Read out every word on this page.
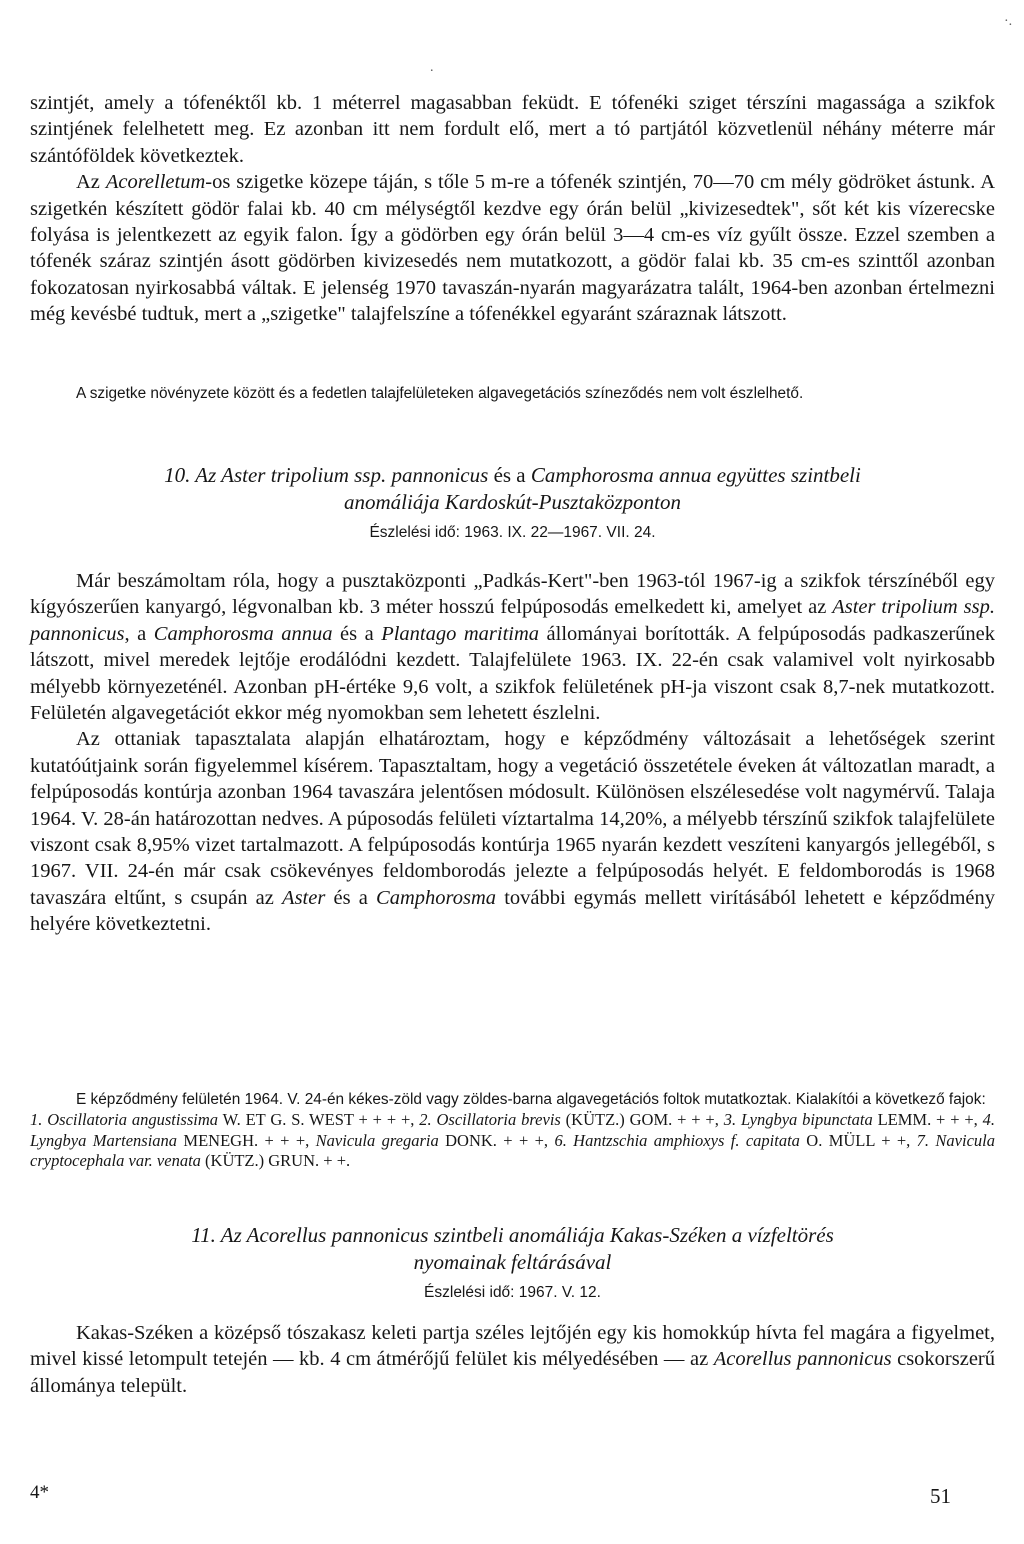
·.
.

szintjét, amely a tófenéktől kb. 1 méterrel magasabban feküdt. E tófenéki sziget térszíni magassága a szikfok szintjének felelhetett meg. Ez azonban itt nem fordult elő, mert a tó partjától közvetlenül néhány méterre már szántóföldek következtek.

Az Acorelletum-os szigetke közepe táján, s tőle 5 m-re a tófenék szintjén, 70—70 cm mély gödröket ástunk. A szigetkén készített gödör falai kb. 40 cm mélységtől kezdve egy órán belül „kivizesedtek", sőt két kis vízerecske folyása is jelentkezett az egyik falon. Így a gödörben egy órán belül 3—4 cm-es víz gyűlt össze. Ezzel szemben a tófenék száraz szintjén ásott gödörben kivizesedés nem mutatkozott, a gödör falai kb. 35 cm-es szinttől azonban fokozatosan nyirkosabbá váltak. E jelenség 1970 tavaszán-nyarán magyarázatra talált, 1964-ben azonban értelmezni még kevésbé tudtuk, mert a „szigetke" talajfelszíne a tófenékkel egyaránt száraznak látszott.

A szigetke növényzete között és a fedetlen talajfelületeken algavegetációs színeződés nem volt észlelhető.

10. Az Aster tripolium ssp. pannonicus és a Camphorosma annua együttes szintbeli
anomáliája Kardoskút-Pusztaközponton

Észlelési idő: 1963. IX. 22—1967. VII. 24.

Már beszámoltam róla, hogy a pusztaközponti „Padkás-Kert"-ben 1963-tól 1967-ig a szikfok térszínéből egy kígyószerűen kanyargó, légvonalban kb. 3 méter hosszú felpúposodás emelkedett ki, amelyet az Aster tripolium ssp. pannonicus, a Camphorosma annua és a Plantago maritima állományai borították. A felpúposodás padkaszerűnek látszott, mivel meredek lejtője erodálódni kezdett. Talajfelülete 1963. IX. 22-én csak valamivel volt nyirkosabb mélyebb környezeténél. Azonban pH-értéke 9,6 volt, a szikfok felületének pH-ja viszont csak 8,7-nek mutatkozott. Felületén algavegetációt ekkor még nyomokban sem lehetett észlelni.

Az ottaniak tapasztalata alapján elhatároztam, hogy e képződmény változásait a lehetőségek szerint kutatóútjaink során figyelemmel kísérem. Tapasztaltam, hogy a vegetáció összetétele éveken át változatlan maradt, a felpúposodás kontúrja azonban 1964 tavaszára jelentősen módosult. Különösen elszélesedése volt nagymérvű. Talaja 1964. V. 28-án határozottan nedves. A púposodás felületi víztartalma 14,20%, a mélyebb térszínű szikfok talajfelülete viszont csak 8,95% vizet tartalmazott. A felpúposodás kontúrja 1965 nyarán kezdett veszíteni kanyargós jellegéből, s 1967. VII. 24-én már csak csökevényes feldomborodás jelezte a felpúposodás helyét. E feldomborodás is 1968 tavaszára eltűnt, s csupán az Aster és a Camphorosma további egymás mellett virításából lehetett e képződmény helyére következtetni.

E képződmény felületén 1964. V. 24-én kékes-zöld vagy zöldes-barna algavegetációs foltok mutatkoztak. Kialakítói a következő fajok:

1. Oscillatoria angustissima W. ET G. S. WEST + + + +, 2. Oscillatoria brevis (KÜTZ.) GOM. + + +, 3. Lyngbya bipunctata LEMM. + + +, 4. Lyngbya Martensiana MENEGH. + + +, Navicula gregaria DONK. + + +, 6. Hantzschia amphioxys f. capitata O. MÜLL + +, 7. Navicula cryptocephala var. venata (KÜTZ.) GRUN. + +.

11. Az Acorellus pannonicus szintbeli anomáliája Kakas-Széken a vízfeltörés
nyomainak feltárásával

Észlelési idő: 1967. V. 12.

Kakas-Széken a középső tószakasz keleti partja széles lejtőjén egy kis homokkúp hívta fel magára a figyelmet, mivel kissé letompult tetején — kb. 4 cm átmérőjű felület kis mélyedésében — az Acorellus pannonicus csokorszerű állománya települt.

4*	51
